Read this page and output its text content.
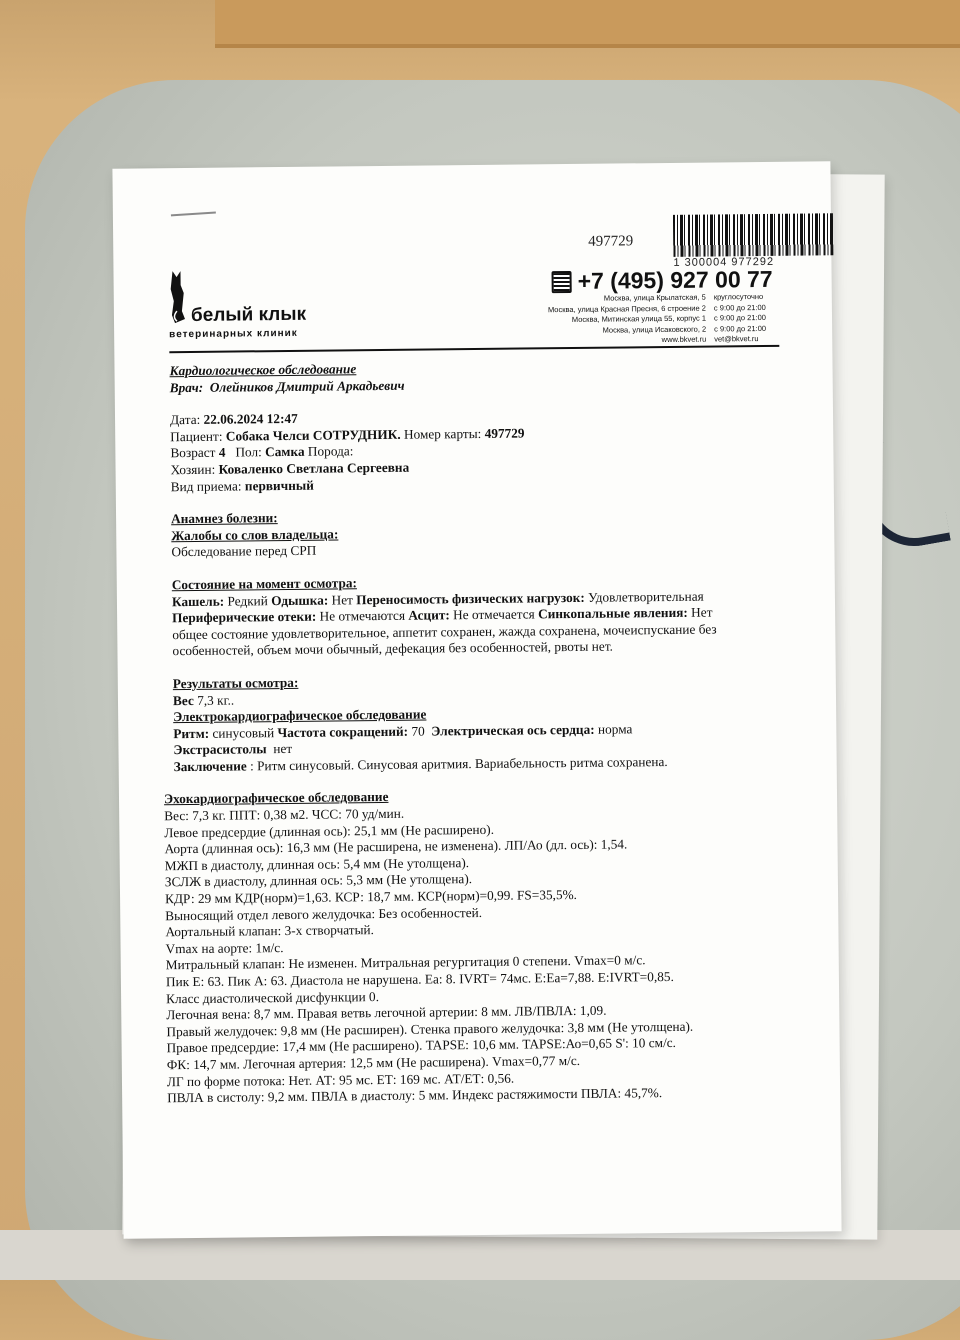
497729
1 300004 977292
белый клык
ветеринарных клиник
+7 (495) 927 00 77
Москва, улица Крылатская, 5	круглосуточно
Москва, улица Красная Пресня, 6 строение 2	с 9:00 до 21:00
Москва, Митинская улица 55, корпус 1	с 9:00 до 21:00
Москва, улица Исаковского, 2	с 9:00 до 21:00
www.bkvet.ru	vet@bkvet.ru

Кардиологическое обследование

Врач: Олейников Дмитрий Аркадьевич

Дата: 22.06.2024 12:47

Пациент: Собака Челси СОТРУДНИК. Номер карты: 497729

Возраст 4 Пол: Самка Порода:

Хозяин: Коваленко Светлана Сергеевна

Вид приема: первичный

Анамнез болезни:

Жалобы со слов владельца:

Обследование перед СРП

Состояние на момент осмотра:

Кашель: Редкий Одышка: Нет Переносимость физических нагрузок: Удовлетворительная

Периферические отеки: Не отмечаются Асцит: Не отмечается Синкопальные явления: Нет

общее состояние удовлетворительное, аппетит сохранен, жажда сохранена, мочеиспускание без

особенностей, объем мочи обычный, дефекация без особенностей, рвоты нет.

Результаты осмотра:

Вес 7,3 кг..

Электрокардиографическое обследование

Ритм: синусовый Частота сокращений: 70 Электрическая ось сердца: норма

Экстрасистолы нет

Заключение : Ритм синусовый. Синусовая аритмия. Вариабельность ритма сохранена.

Эхокардиографическое обследование

Вес: 7,3 кг. ППТ: 0,38 м2. ЧСС: 70 уд/мин.

Левое предсердие (длинная ось): 25,1 мм (Не расширено).

Аорта (длинная ось): 16,3 мм (Не расширена, не изменена). ЛП/Ао (дл. ось): 1,54.

МЖП в диастолу, длинная ось: 5,4 мм (Не утолщена).

ЗСЛЖ в диастолу, длинная ось: 5,3 мм (Не утолщена).

КДР: 29 мм КДР(норм)=1,63. КСР: 18,7 мм. КСР(норм)=0,99. FS=35,5%.

Выносящий отдел левого желудочка: Без особенностей.

Аортальный клапан: 3-х створчатый.

Vmax на аорте: 1м/с.

Митральный клапан: Не изменен. Митральная регургитация 0 степени. Vmax=0 м/с.

Пик Е: 63. Пик А: 63. Диастола не нарушена. Еа: 8. IVRT= 74мс. Е:Еа=7,88. Е:IVRT=0,85.

Класс диастолической дисфункции 0.

Легочная вена: 8,7 мм. Правая ветвь легочной артерии: 8 мм. ЛВ/ПВЛА: 1,09.

Правый желудочек: 9,8 мм (Не расширен). Стенка правого желудочка: 3,8 мм (Не утолщена).

Правое предсердие: 17,4 мм (Не расширено). TAPSE: 10,6 мм. TAPSE:Ао=0,65 S': 10 см/с.

ФК: 14,7 мм. Легочная артерия: 12,5 мм (Не расширена). Vmax=0,77 м/с.

ЛГ по форме потока: Нет. АТ: 95 мс. ЕТ: 169 мс. АТ/ЕТ: 0,56.

ПВЛА в систолу: 9,2 мм. ПВЛА в диастолу: 5 мм. Индекс растяжимости ПВЛА: 45,7%.
